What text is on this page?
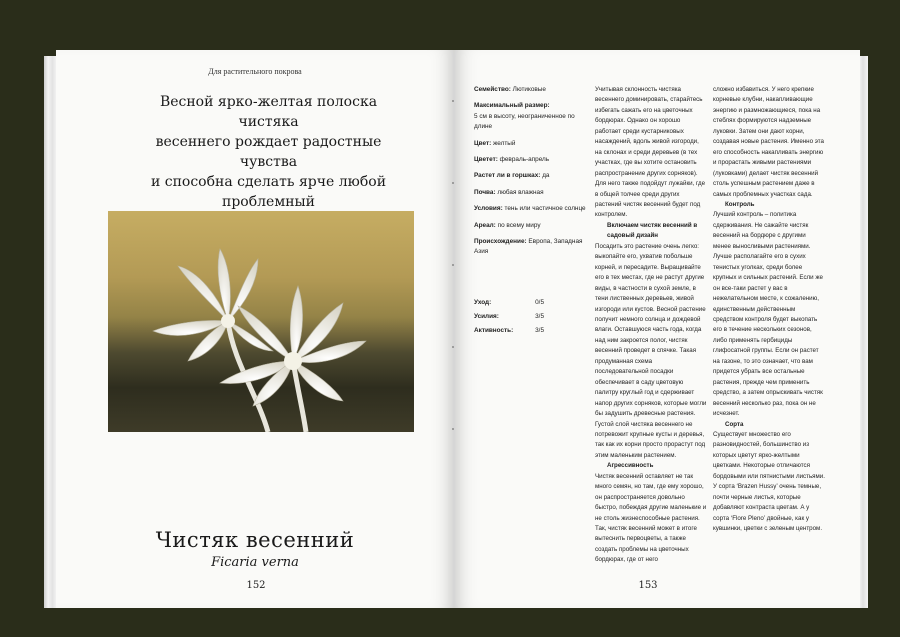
Для растительного покрова
Весной ярко-желтая полоска чистяка
весеннего рождает радостные чувства
и способна сделать ярче любой проблемный
Чистяк весенний
Ficaria verna
152
Семейство: Лютиковые
Максимальный размер:
5 см в высоту, неограниченное по длине
Цвет: желтый
Цветет: февраль-апрель
Растет ли в горшках: да
Почва: любая влажная
Условия: тень или частичное солнце
Ареал: по всему миру
Происхождение: Европа, Западная Азия
Уход:	0/5
Усилия:	3/5
Активность:	3/5

Учитывая склонность чистяка весеннего доминировать, старайтесь избегать сажать его на цветочных бордюрах. Однако он хорошо работает среди кустарниковых насаждений, вдоль живой изгороди, на склонах и среди деревьев (в тех участках, где вы хотите остановить распространение других сорняков). Для него также подойдут лужайки, где в общей толчее среди других растений чистяк весенний будет под контролем.

Включаем чистяк весенний в садовый дизайн

Посадить это растение очень легко: выкопайте его, ухватив побольше корней, и пересадите. Выращивайте его в тех местах, где не растут другие виды, в частности в сухой земле, в тени лиственных деревьев, живой изгороди или кустов. Весной растение получит немного солнца и дождевой влаги. Оставшуюся часть года, когда над ним закроется полог, чистяк весенний проведет в спячке. Такая продуманная схема последовательной посадки обеспечивает в саду цветовую палитру круглый год и сдерживает напор других сорняков, которые могли бы задушить древесные растения. Густой слой чистяка весеннего не потревожит крупные кусты и деревья, так как их корни просто прорастут под этим маленьким растением.

Агрессивность

Чистяк весенний оставляет не так много семян, но там, где ему хорошо, он распространяется довольно быстро, побеждая другие маленькие и не столь жизнеспособные растения. Так, чистяк весенний может в итоге вытеснить первоцветы, а также создать проблемы на цветочных бордюрах, где от него

сложно избавиться. У него крепкие корневые клубни, накапливающие энергию и размножающиеся, пока на стеблях формируются надземные луковки. Затем они дают корни, создавая новые растения. Именно эта его способность накапливать энергию и прорастать живыми растениями (луковками) делает чистяк весенний столь успешным растением даже в самых проблемных участках сада.

Контроль

Лучший контроль – политика сдерживания. Не сажайте чистяк весенний на бордюре с другими менее выносливыми растениями. Лучше располагайте его в сухих тенистых уголках, среди более крупных и сильных растений. Если же он все-таки растет у вас в нежелательном месте, к сожалению, единственным действенным средством контроля будет выкопать его в течение нескольких сезонов, либо применять гербициды глифосатной группы. Если он растет на газоне, то это означает, что вам придется убрать все остальные растения, прежде чем применить средство, а затем опрыскивать чистяк весенний несколько раз, пока он не исчезнет.

Сорта

Существует множество его разновидностей, большинство из которых цветут ярко-желтыми цветками. Некоторые отличаются бордовыми или пятнистыми листьями. У сорта ‘Brazen Hussy’ очень темные, почти черные листья, которые добавляют контраста цветам. А у сорта ‘Flore Pleno’ двойные, как у кувшинки, цветки с зеленым центром.

153
